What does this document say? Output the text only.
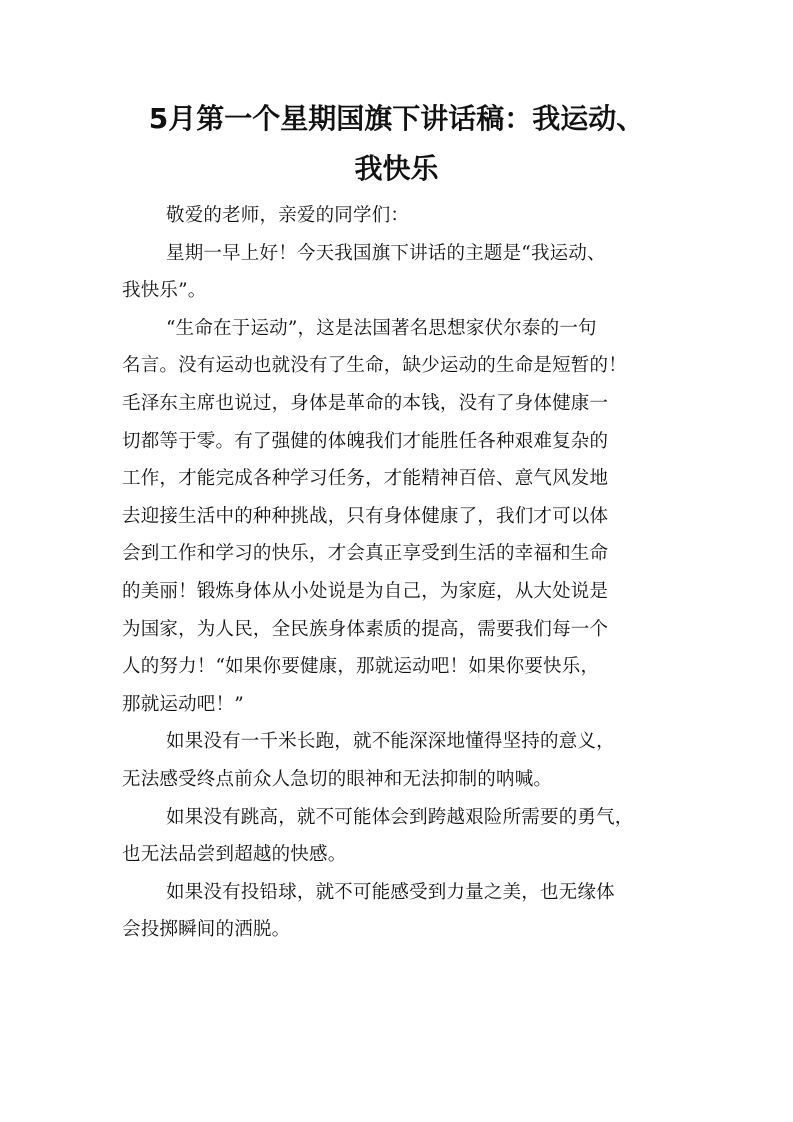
5月第一个星期国旗下讲话稿：我运动、
我快乐

敬爱的老师，亲爱的同学们：

星期一早上好！今天我国旗下讲话的主题是“我运动、
我快乐”。

“生命在于运动”，这是法国著名思想家伏尔泰的一句
名言。没有运动也就没有了生命，缺少运动的生命是短暂的！
毛泽东主席也说过，身体是革命的本钱，没有了身体健康一
切都等于零。有了强健的体魄我们才能胜任各种艰难复杂的
工作，才能完成各种学习任务，才能精神百倍、意气风发地
去迎接生活中的种种挑战，只有身体健康了，我们才可以体
会到工作和学习的快乐，才会真正享受到生活的幸福和生命
的美丽！锻炼身体从小处说是为自己，为家庭，从大处说是
为国家，为人民，全民族身体素质的提高，需要我们每一个
人的努力！“如果你要健康，那就运动吧！如果你要快乐，
那就运动吧！”

如果没有一千米长跑，就不能深深地懂得坚持的意义，
无法感受终点前众人急切的眼神和无法抑制的呐喊。

如果没有跳高，就不可能体会到跨越艰险所需要的勇气，
也无法品尝到超越的快感。

如果没有投铅球，就不可能感受到力量之美，也无缘体
会投掷瞬间的洒脱。
